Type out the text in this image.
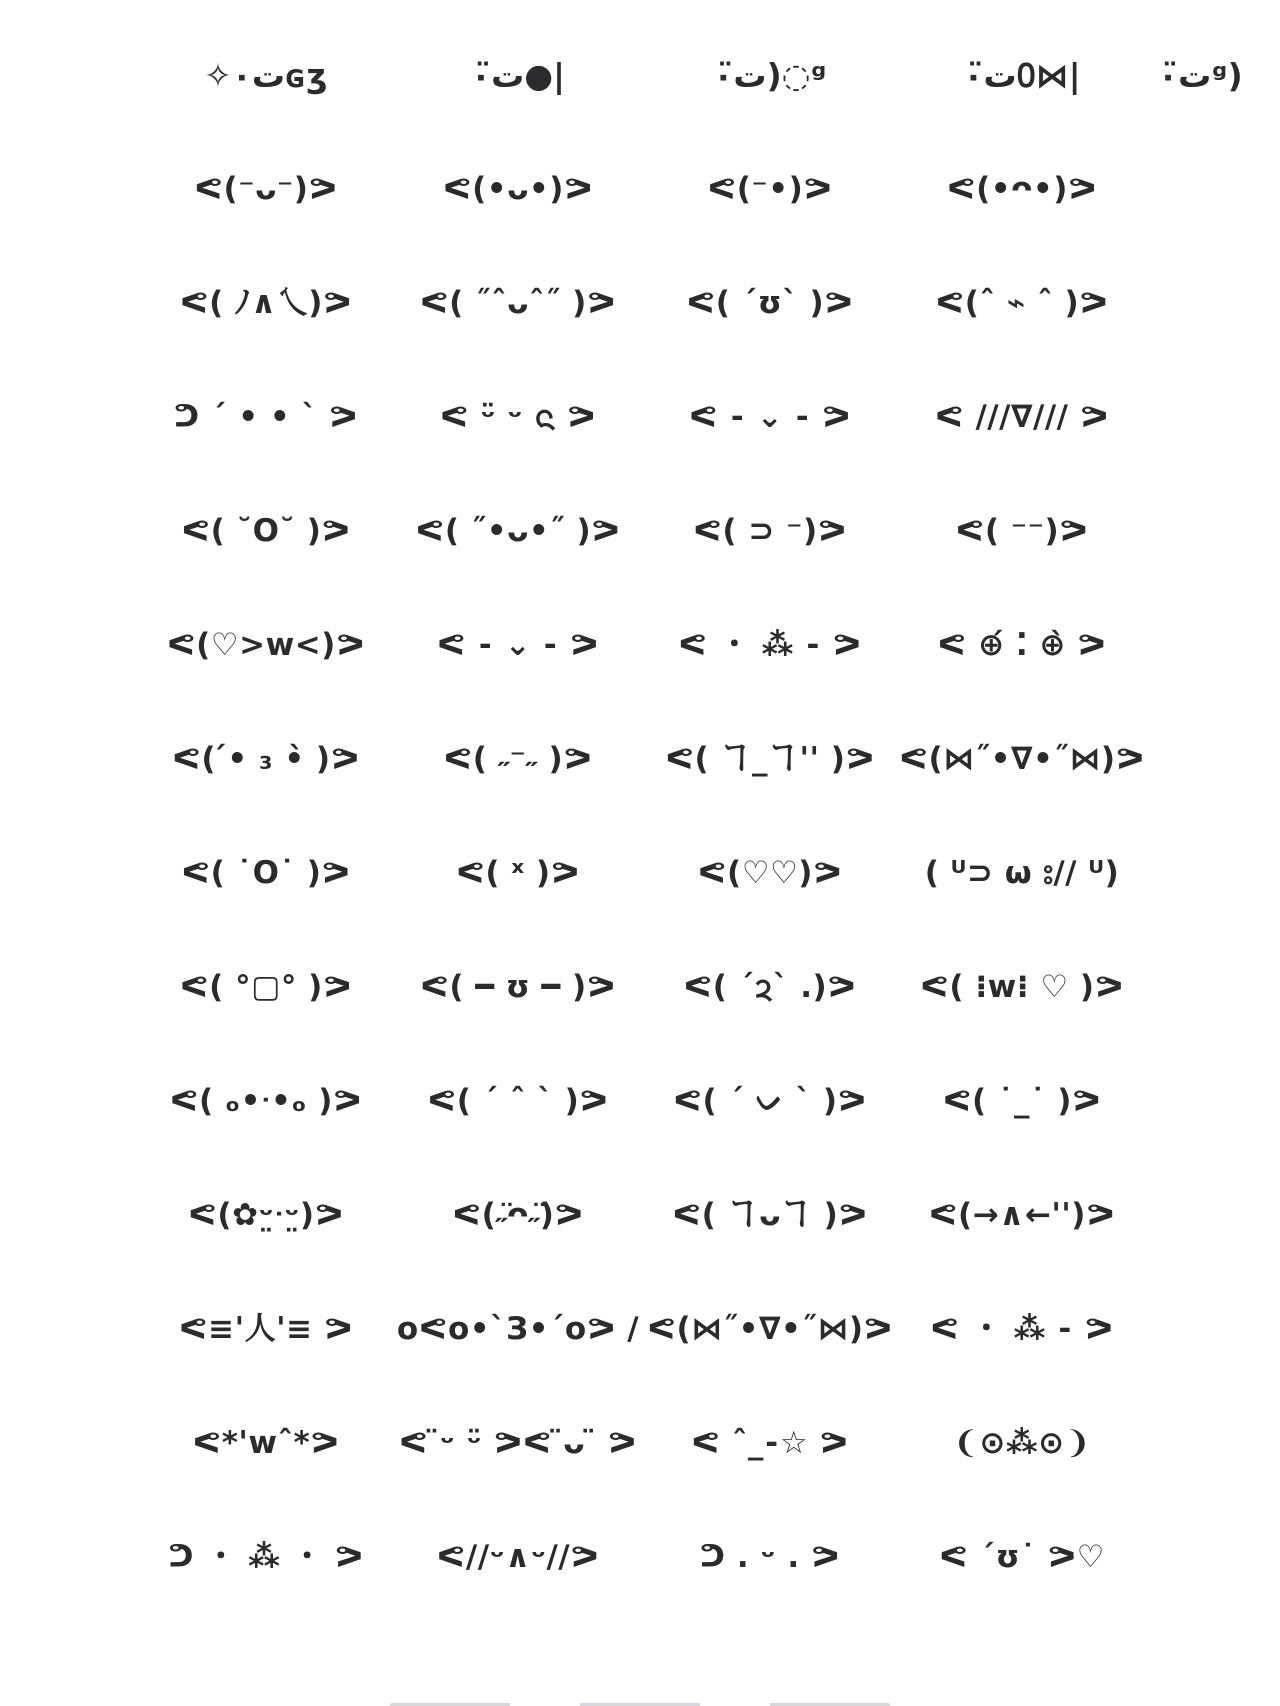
✧ت٠ɢʒ	ت٠̈●|	ت٠̈)◌ᵍ	ت٠̈᠐⋈|	ت٠̈ᵍ)
ᕙ(⁻ᴗ⁻)ᕗ	ᕙ(•ᴗ•)ᕗ	ᕙ(⁻•)ᕗ	ᕙ(•ᴖ•)ᕗ
ᕙ( ﾉ∧乀)ᕗ	ᕙ( ˝ˆᴗˆ˝ )ᕗ	ᕙ( ´ʊ` )ᕗ	ᕙ(ˆ ⌁ ˆ )ᕗ
ᕤ ´ • • ` ᕗ	ᕙ ᵕ̈ ᵕ ᨶ ᕗ	ᕙ ⁃ ⌄ ⁃ ᕗ	ᕙ ∕∕∕∇∕∕∕ ᕗ
ᕙ( ˘O˘ )ᕗ	ᕙ( ˝•ᴗ•˝ )ᕗ	ᕙ( ⊃ ⁻)ᕗ	ᕙ( ⁻⁻)ᕗ
ᕙ(♡>ᴡ<)ᕗ	ᕙ ⁃ ⌄ ⁃ ᕗ	ᕙ ・ ⁂ ⁃ ᕗ	ᕙ ⊕́ ⁚ ⊕̀ ᕗ
ᕙ( ́• ₃ •̀ )ᕗ	ᕙ( ˶⁻˶ )ᕗ	ᕙ( ヿ_ヿ'' )ᕗ ᕙ(⋈˝•∇•˝⋈)ᕗ
ᕙ( ˙O˙ )ᕗ	ᕙ( ˣ )ᕗ	ᕙ(♡♡)ᕗ	( ᵁ⊃ ω ⦂∕∕ ᵁ)
ᕙ( °▢° )ᕗ	ᕙ( ━ ʊ ━ )ᕗ	ᕙ( ´ᨯ` .)ᕗ	ᕙ( ⁝ᴡ⁝ ♡ )ᕗ
ᕙ( ₒ•ᐧ•ₒ )ᕗ	ᕙ( ´ ˆ ` )ᕗ	ᕙ( ´ ᨆ ` )ᕗ	ᕙ( ˙_˙ )ᕗ
ᕙ(✿ᵕ̤ᐧᵕ̤)ᕗ	ᕙ(˶̈ᴖ˶̈)ᕗ	ᕙ( ヿᴗヿ )ᕗ	ᕙ(→∧←'')ᕗ
ᕙ≡'人'≡ ᕗ	oᕙo•`З•´oᕗ ∕ ᕙ(⋈˝•∇•˝⋈)ᕗ	ᕙ ・ ⁂ ⁃ ᕗ
ᕙ*'ᴡˆ*ᕗ	ᕙ ̈ᵕ ᵕ̈ ᕗᕙ ̈ᴗ ̈ ᕗ	ᕙ ˆ_⁃☆ ᕗ	❨⊙⁂⊙❩
ᕤ ・ ⁂ ・ ᕗ	ᕙ∕∕ᵕ∧ᵕ∕∕ᕗ	ᕤ . ᵕ . ᕗ	ᕙ ˊʊ˙ ᕗ♡
